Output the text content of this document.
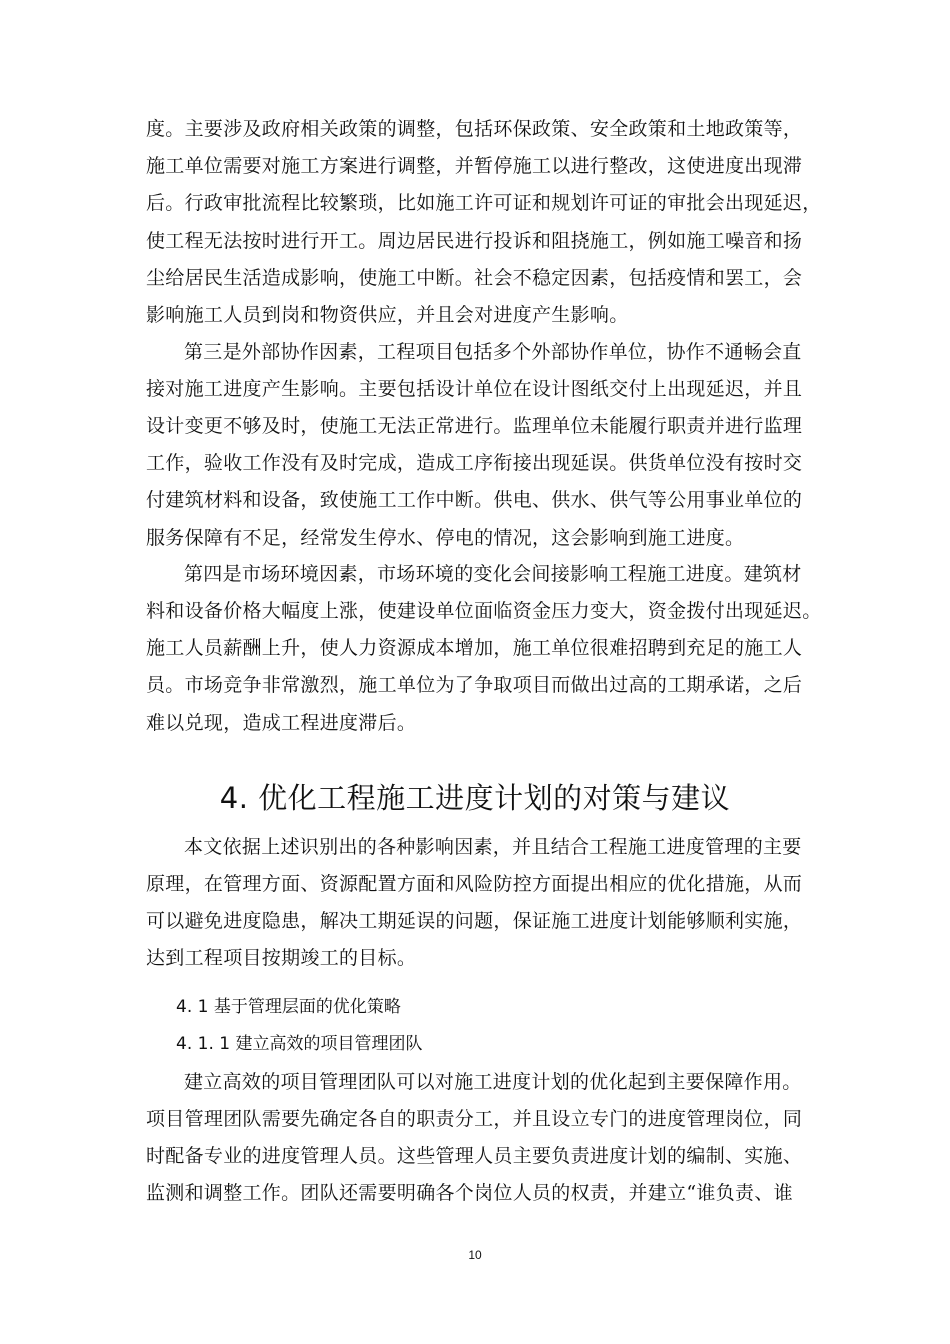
度。主要涉及政府相关政策的调整，包括环保政策、安全政策和土地政策等，
施工单位需要对施工方案进行调整，并暂停施工以进行整改，这使进度出现滞
后。行政审批流程比较繁琐，比如施工许可证和规划许可证的审批会出现延迟，
使工程无法按时进行开工。周边居民进行投诉和阻挠施工，例如施工噪音和扬
尘给居民生活造成影响，使施工中断。社会不稳定因素，包括疫情和罢工，会
影响施工人员到岗和物资供应，并且会对进度产生影响。
第三是外部协作因素，工程项目包括多个外部协作单位，协作不通畅会直
接对施工进度产生影响。主要包括设计单位在设计图纸交付上出现延迟，并且
设计变更不够及时，使施工无法正常进行。监理单位未能履行职责并进行监理
工作，验收工作没有及时完成，造成工序衔接出现延误。供货单位没有按时交
付建筑材料和设备，致使施工工作中断。供电、供水、供气等公用事业单位的
服务保障有不足，经常发生停水、停电的情况，这会影响到施工进度。
第四是市场环境因素，市场环境的变化会间接影响工程施工进度。建筑材
料和设备价格大幅度上涨，使建设单位面临资金压力变大，资金拨付出现延迟。
施工人员薪酬上升，使人力资源成本增加，施工单位很难招聘到充足的施工人
员。市场竞争非常激烈，施工单位为了争取项目而做出过高的工期承诺，之后
难以兑现，造成工程进度滞后。
4. 优化工程施工进度计划的对策与建议
本文依据上述识别出的各种影响因素，并且结合工程施工进度管理的主要
原理，在管理方面、资源配置方面和风险防控方面提出相应的优化措施，从而
可以避免进度隐患，解决工期延误的问题，保证施工进度计划能够顺利实施，
达到工程项目按期竣工的目标。
4. 1 基于管理层面的优化策略
4. 1. 1 建立高效的项目管理团队
建立高效的项目管理团队可以对施工进度计划的优化起到主要保障作用。
项目管理团队需要先确定各自的职责分工，并且设立专门的进度管理岗位，同
时配备专业的进度管理人员。这些管理人员主要负责进度计划的编制、实施、
监测和调整工作。团队还需要明确各个岗位人员的权责，并建立“谁负责、谁
10
